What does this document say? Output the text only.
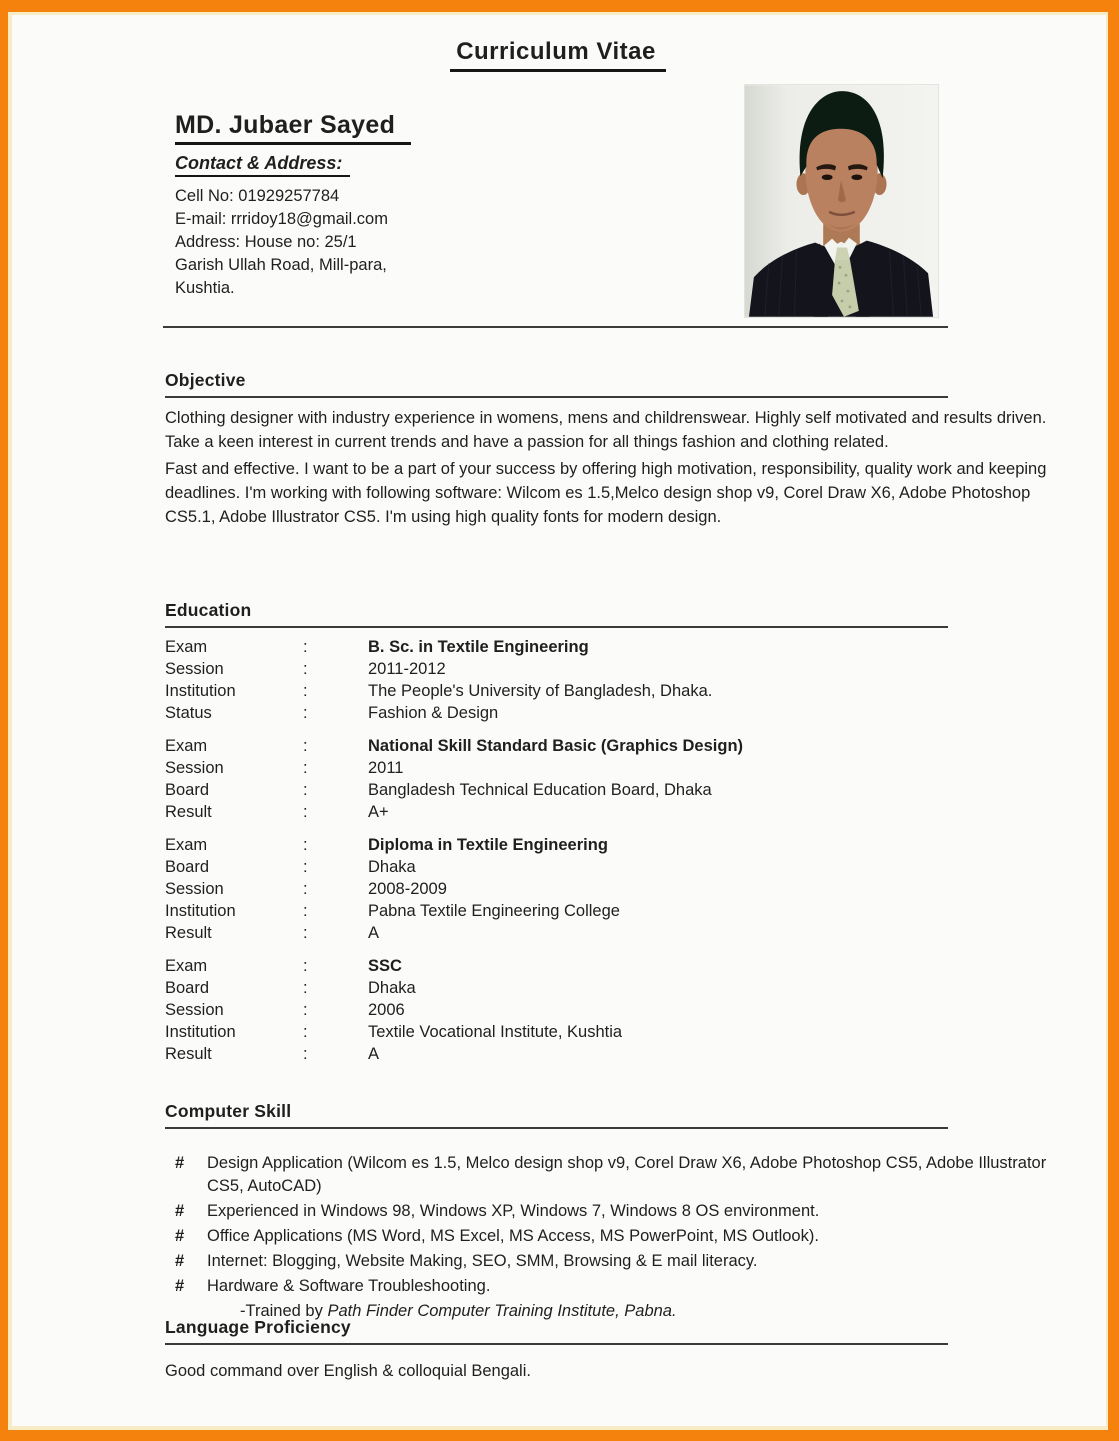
Curriculum Vitae
MD. Jubaer Sayed
Contact & Address:
Cell No: 01929257784
E-mail: rrridoy18@gmail.com
Address: House no: 25/1
Garish Ullah Road, Mill-para,
Kushtia.
Objective

Clothing designer with industry experience in womens, mens and childrenswear. Highly self motivated and results driven. Take a keen interest in current trends and have a passion for all things fashion and clothing related.

Fast and effective. I want to be a part of your success by offering high motivation, responsibility, quality work and keeping deadlines. I'm working with following software: Wilcom es 1.5,Melco design shop v9, Corel Draw X6, Adobe Photoshop CS5.1, Adobe Illustrator CS5. I'm using high quality fonts for modern design.

Education
Exam	:	B. Sc. in Textile Engineering
Session	:	2011-2012
Institution	:	The People's University of Bangladesh, Dhaka.
Status	:	Fashion & Design
Exam	:	National Skill Standard Basic (Graphics Design)
Session	:	2011
Board	:	Bangladesh Technical Education Board, Dhaka
Result	:	A+
Exam	:	Diploma in Textile Engineering
Board	:	Dhaka
Session	:	2008-2009
Institution	:	Pabna Textile Engineering College
Result	:	A
Exam	:	SSC
Board	:	Dhaka
Session	:	2006
Institution	:	Textile Vocational Institute, Kushtia
Result	:	A
Computer Skill
#	Design Application (Wilcom es 1.5, Melco design shop v9, Corel Draw X6, Adobe Photoshop CS5, Adobe Illustrator CS5, AutoCAD)
#	Experienced in Windows 98, Windows XP, Windows 7, Windows 8 OS environment.
#	Office Applications (MS Word, MS Excel, MS Access, MS PowerPoint, MS Outlook).
#	Internet: Blogging, Website Making, SEO, SMM, Browsing & E mail literacy.
#	Hardware & Software Troubleshooting.
-Trained by Path Finder Computer Training Institute, Pabna.
Language Proficiency
Good command over English & colloquial Bengali.
